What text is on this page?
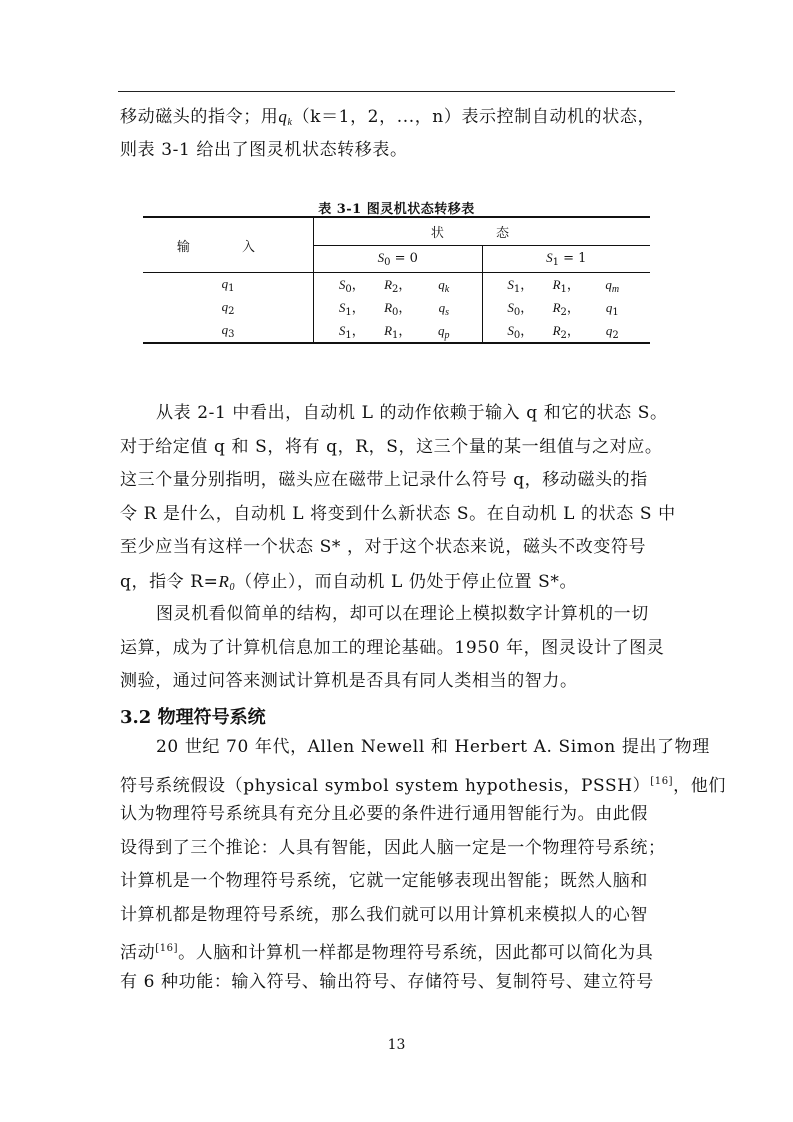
移动磁头的指令；用$q_k(k=1$，2，...，n）表示控制自动机的状态，
则表 3-1 给出了图灵机状态转移表。
表 3-1 图灵机状态转移表
输 入	状 态	
	$S_0 = 0$	$S_1 = 1$
$q_1$	$S_0$， $R_2$， $q_k$	$S_1$， $R_1$， $q_m$
$q_2$	$S_1$， $R_0$， $q_s$	$S_0$， $R_2$， $q_1$
$q_3$	$S_1$， $R_1$， $q_p$	$S_0$， $R_2$， $q_2$
从表 2-1 中看出，自动机 L 的动作依赖于输入 q 和它的状态 S。
对于给定值 q 和 S，将有 q，R，S，这三个量的某一组值与之对应。
这三个量分别指明，磁头应在磁带上记录什么符号 q，移动磁头的指
令 R 是什么，自动机 L 将变到什么新状态 S。在自动机 L 的状态 S 中
至少应当有这样一个状态 S* ，对于这个状态来说，磁头不改变符号
q，指令 $R=R_0$（停止），而自动机 L 仍处于停止位置 S*。
图灵机看似简单的结构，却可以在理论上模拟数字计算机的一切
运算，成为了计算机信息加工的理论基础。1950 年，图灵设计了图灵
测验，通过问答来测试计算机是否具有同人类相当的智力。
3.2 物理符号系统
20 世纪 70 年代，Allen Newell 和 Herbert A. Simon 提出了物理
符号系统假设（physical symbol system hypothesis，PSSH）[16]，他们
认为物理符号系统具有充分且必要的条件进行通用智能行为。由此假
设得到了三个推论：人具有智能，因此人脑一定是一个物理符号系统；
计算机是一个物理符号系统，它就一定能够表现出智能；既然人脑和
计算机都是物理符号系统，那么我们就可以用计算机来模拟人的心智
活动[16]。人脑和计算机一样都是物理符号系统，因此都可以简化为具
有 6 种功能：输入符号、输出符号、存储符号、复制符号、建立符号
13
